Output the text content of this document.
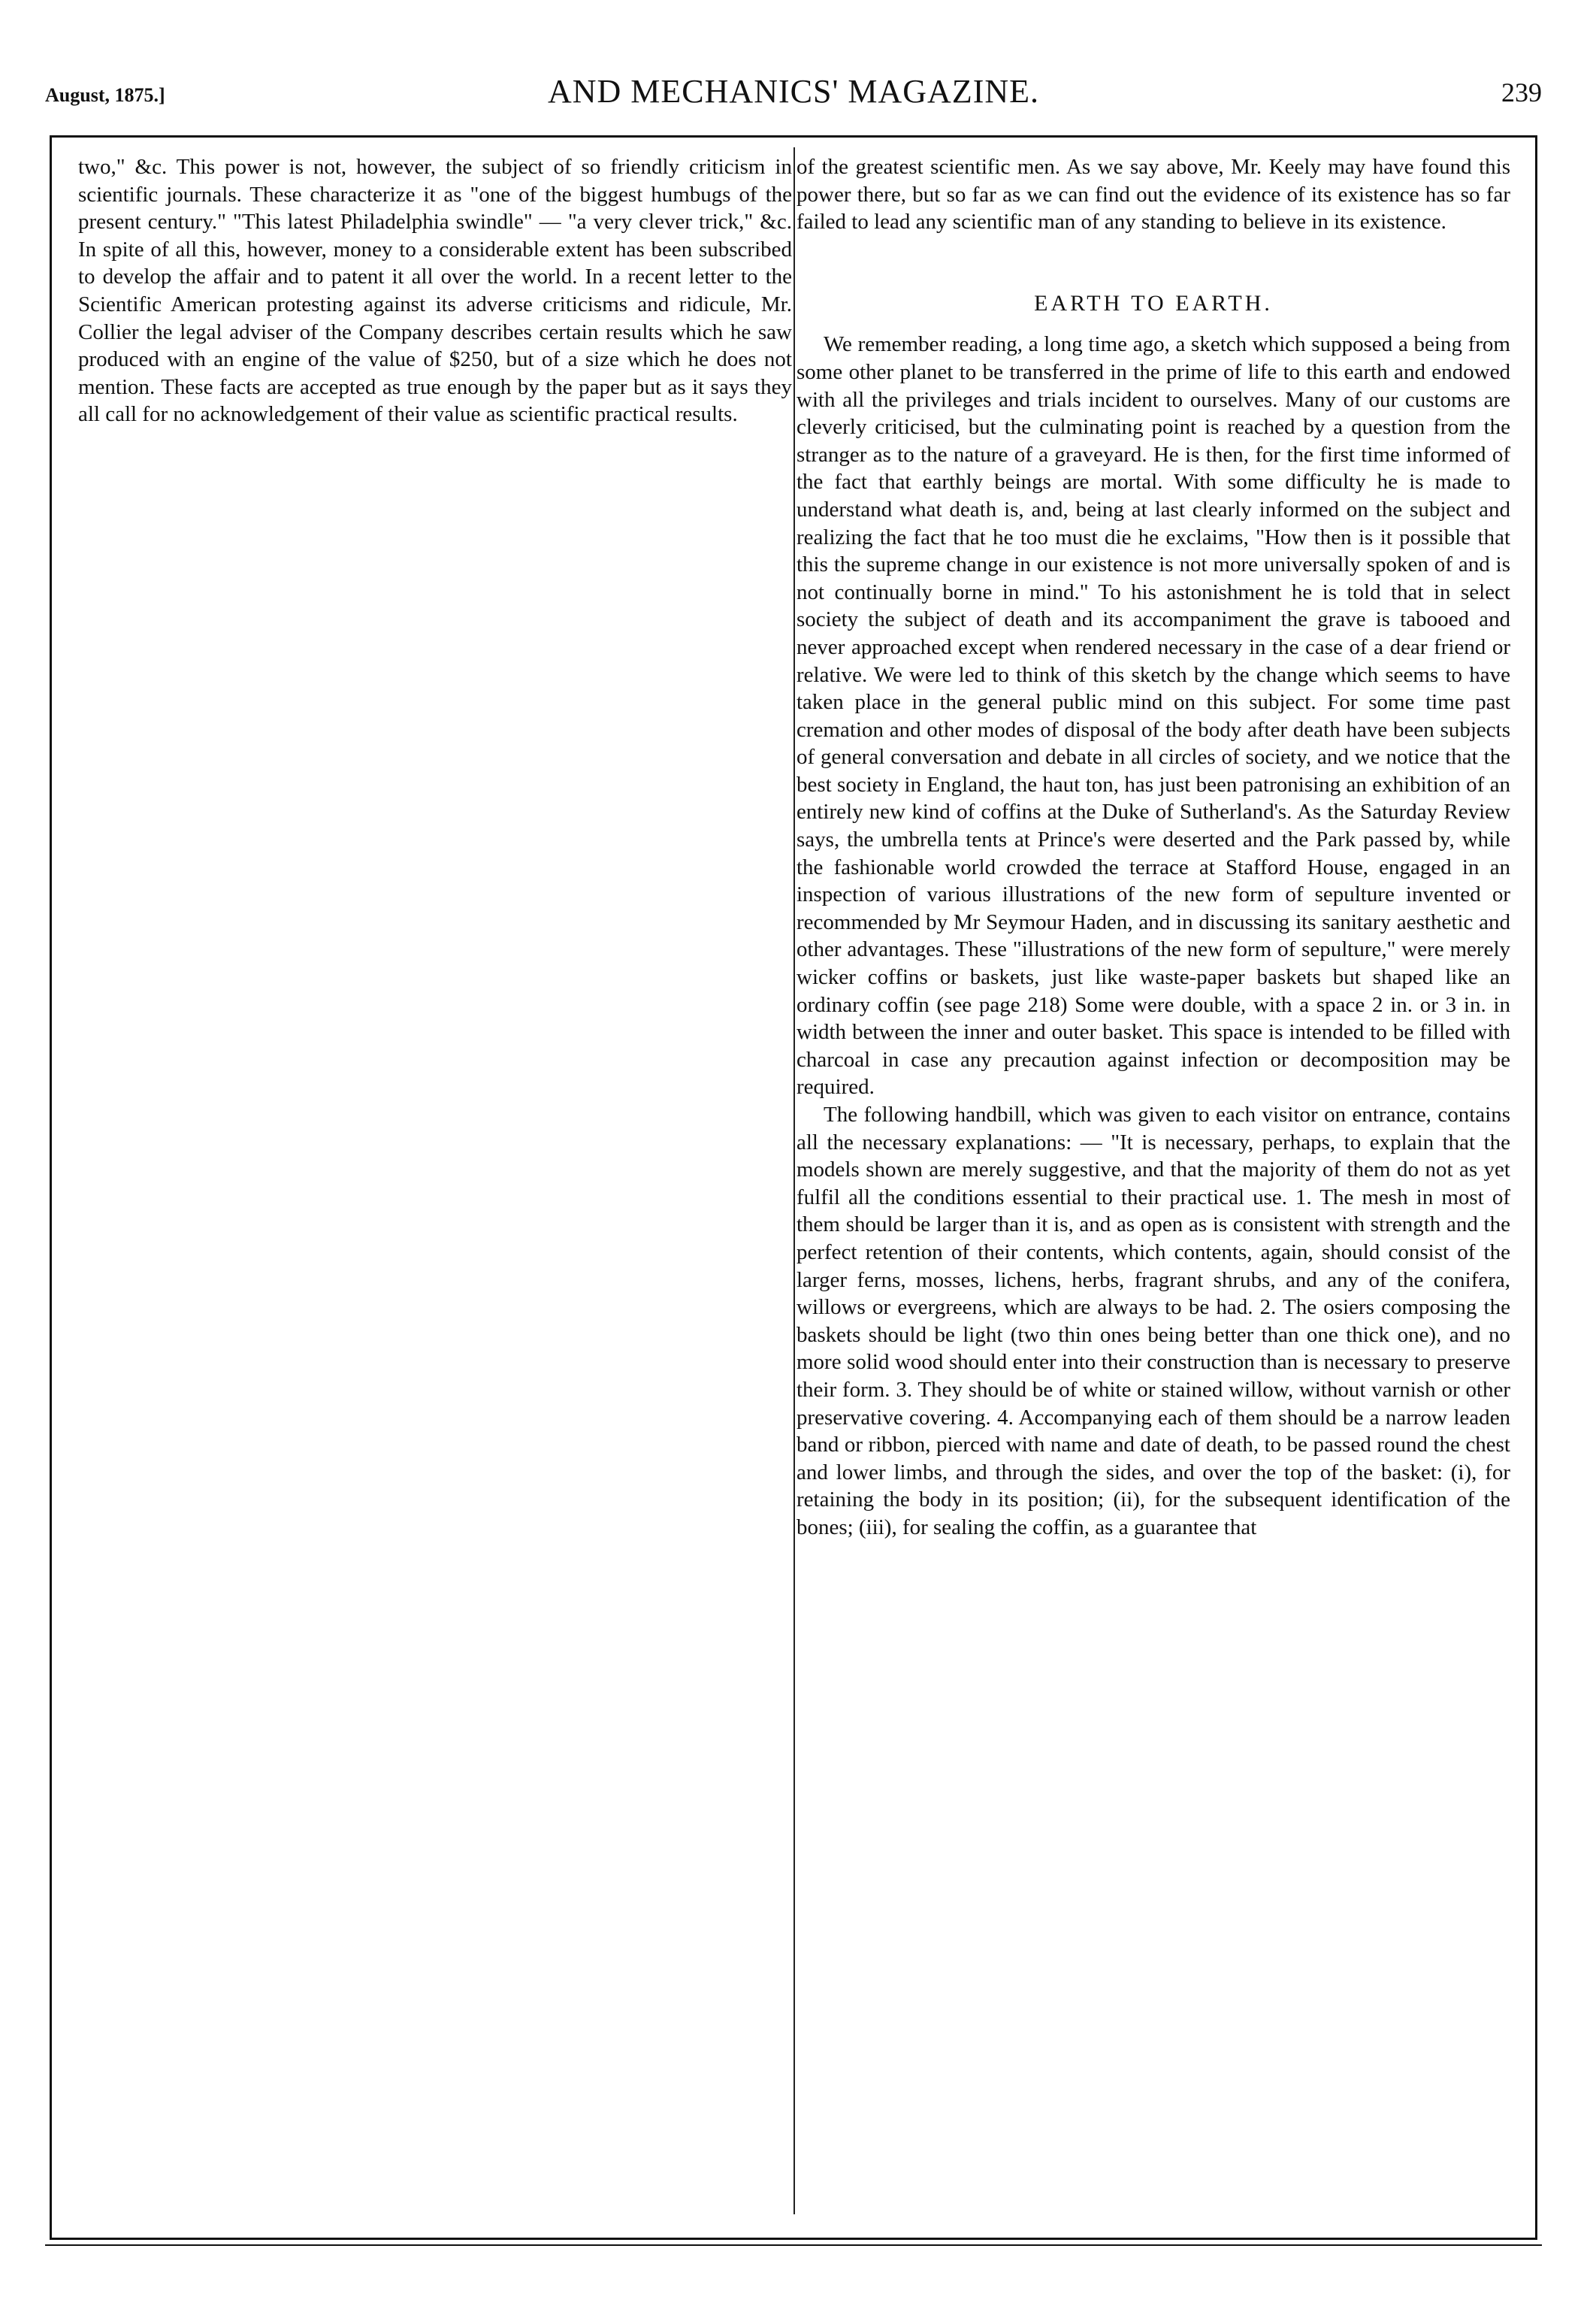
August, 1875.]	AND MECHANICS' MAGAZINE.	239

two," &c. This power is not, however, the subject of so friendly criticism in scientific journals. These characterize it as "one of the biggest humbugs of the present century." "This latest Philadelphia swindle" — "a very clever trick," &c. In spite of all this, however, money to a considerable extent has been subscribed to develop the affair and to patent it all over the world. In a recent letter to the Scientific American protesting against its adverse criticisms and ridicule, Mr. Collier the legal adviser of the Company describes certain results which he saw produced with an engine of the value of $250, but of a size which he does not mention. These facts are accepted as true enough by the paper but as it says they all call for no acknowledgement of their value as scientific practical results.

of the greatest scientific men. As we say above, Mr. Keely may have found this power there, but so far as we can find out the evidence of its existence has so far failed to lead any scientific man of any standing to believe in its existence.

EARTH TO EARTH.

We remember reading, a long time ago, a sketch which supposed a being from some other planet to be transferred in the prime of life to this earth and endowed with all the privileges and trials incident to ourselves. Many of our customs are cleverly criticised, but the culminating point is reached by a question from the stranger as to the nature of a graveyard. He is then, for the first time informed of the fact that earthly beings are mortal. With some difficulty he is made to understand what death is, and, being at last clearly informed on the subject and realizing the fact that he too must die he exclaims, "How then is it possible that this the supreme change in our existence is not more universally spoken of and is not continually borne in mind." To his astonishment he is told that in select society the subject of death and its accompaniment the grave is tabooed and never approached except when rendered necessary in the case of a dear friend or relative. We were led to think of this sketch by the change which seems to have taken place in the general public mind on this subject. For some time past cremation and other modes of disposal of the body after death have been subjects of general conversation and debate in all circles of society, and we notice that the best society in England, the haut ton, has just been patronising an exhibition of an entirely new kind of coffins at the Duke of Sutherland's. As the Saturday Review says, the umbrella tents at Prince's were deserted and the Park passed by, while the fashionable world crowded the terrace at Stafford House, engaged in an inspection of various illustrations of the new form of sepulture invented or recommended by Mr Seymour Haden, and in discussing its sanitary aesthetic and other advantages. These "illustrations of the new form of sepulture," were merely wicker coffins or baskets, just like waste-paper baskets but shaped like an ordinary coffin (see page 218) Some were double, with a space 2 in. or 3 in. in width between the inner and outer basket. This space is intended to be filled with charcoal in case any precaution against infection or decomposition may be required.

The following handbill, which was given to each visitor on entrance, contains all the necessary explanations: — "It is necessary, perhaps, to explain that the models shown are merely suggestive, and that the majority of them do not as yet fulfil all the conditions essential to their practical use. 1. The mesh in most of them should be larger than it is, and as open as is consistent with strength and the perfect retention of their contents, which contents, again, should consist of the larger ferns, mosses, lichens, herbs, fragrant shrubs, and any of the conifera, willows or evergreens, which are always to be had. 2. The osiers composing the baskets should be light (two thin ones being better than one thick one), and no more solid wood should enter into their construction than is necessary to preserve their form. 3. They should be of white or stained willow, without varnish or other preservative covering. 4. Accompanying each of them should be a narrow leaden band or ribbon, pierced with name and date of death, to be passed round the chest and lower limbs, and through the sides, and over the top of the basket: (i), for retaining the body in its position; (ii), for the subsequent identification of the bones; (iii), for sealing the coffin, as a guarantee that
